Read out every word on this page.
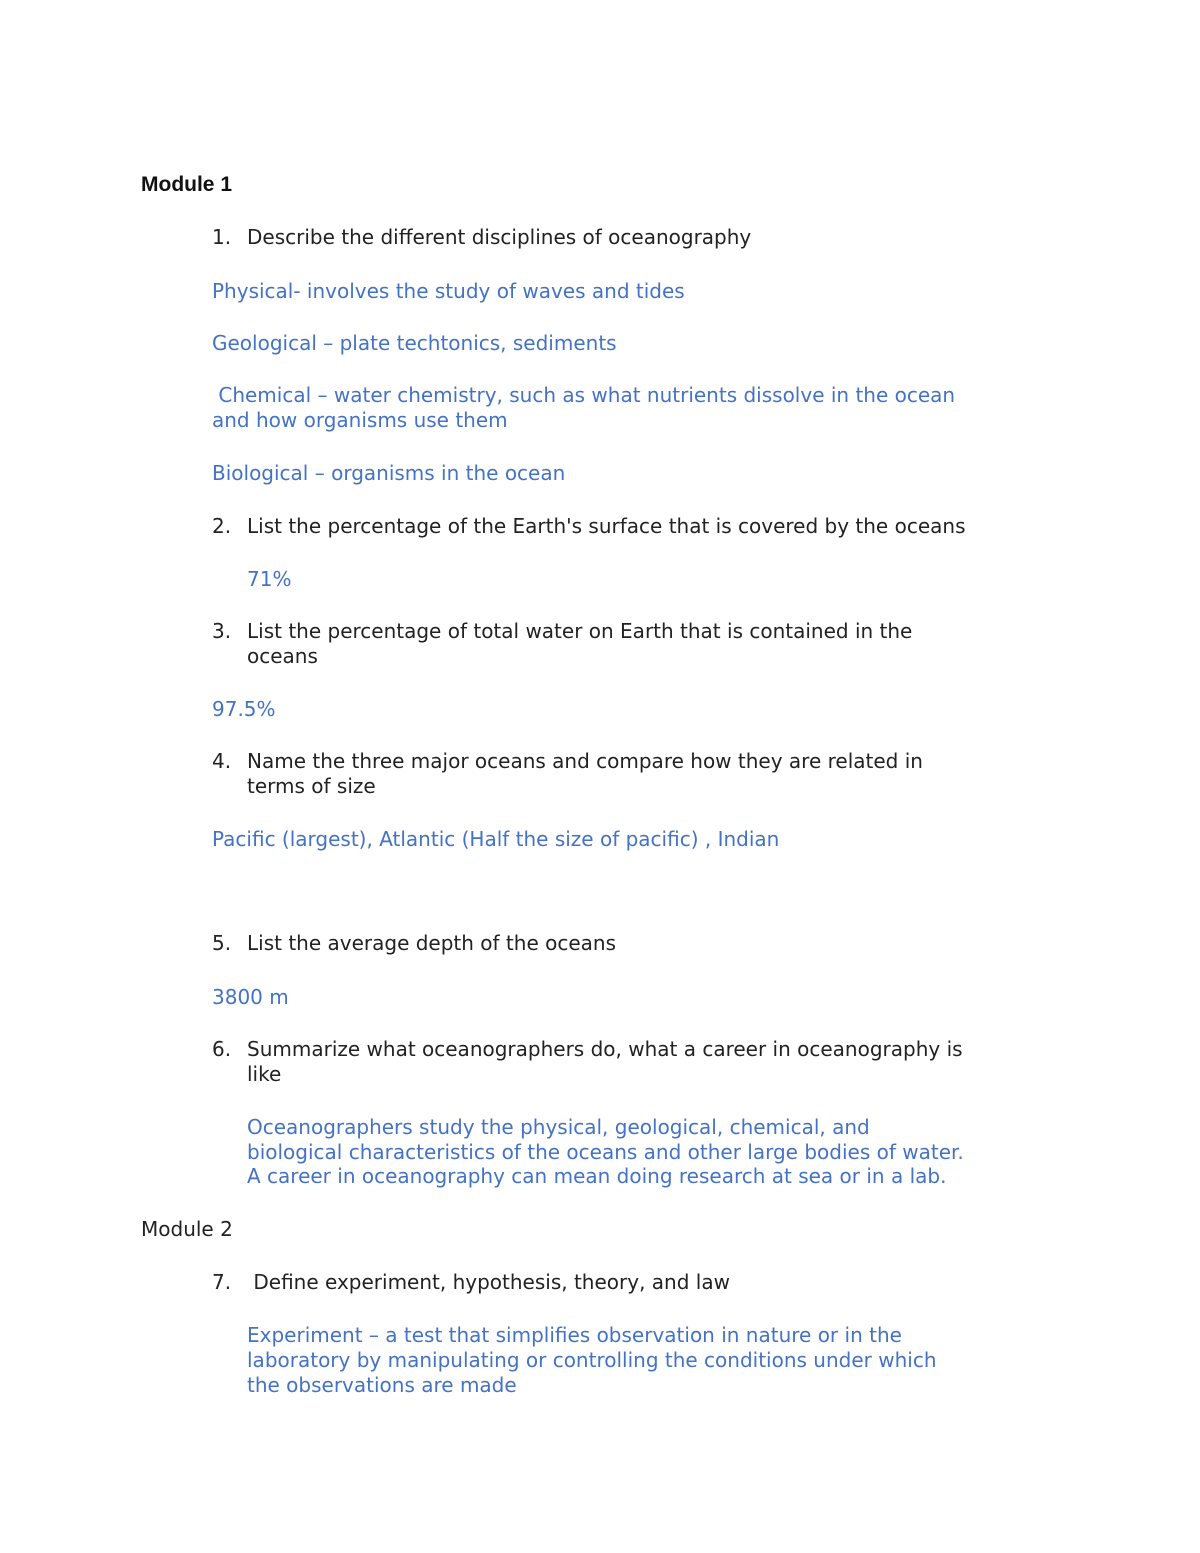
Module 1
1. Describe the different disciplines of oceanography
Physical- involves the study of waves and tides
Geological – plate techtonics, sediments
Chemical – water chemistry, such as what nutrients dissolve in the ocean
and how organisms use them
Biological – organisms in the ocean
2. List the percentage of the Earth's surface that is covered by the oceans
71%
3. List the percentage of total water on Earth that is contained in the
oceans
97.5%
4. Name the three major oceans and compare how they are related in
terms of size
Pacific (largest), Atlantic (Half the size of pacific) , Indian
5. List the average depth of the oceans
3800 m
6. Summarize what oceanographers do, what a career in oceanography is
like
Oceanographers study the physical, geological, chemical, and
biological characteristics of the oceans and other large bodies of water.
A career in oceanography can mean doing research at sea or in a lab.
Module 2
7. Define experiment, hypothesis, theory, and law
Experiment – a test that simplifies observation in nature or in the
laboratory by manipulating or controlling the conditions under which
the observations are made
